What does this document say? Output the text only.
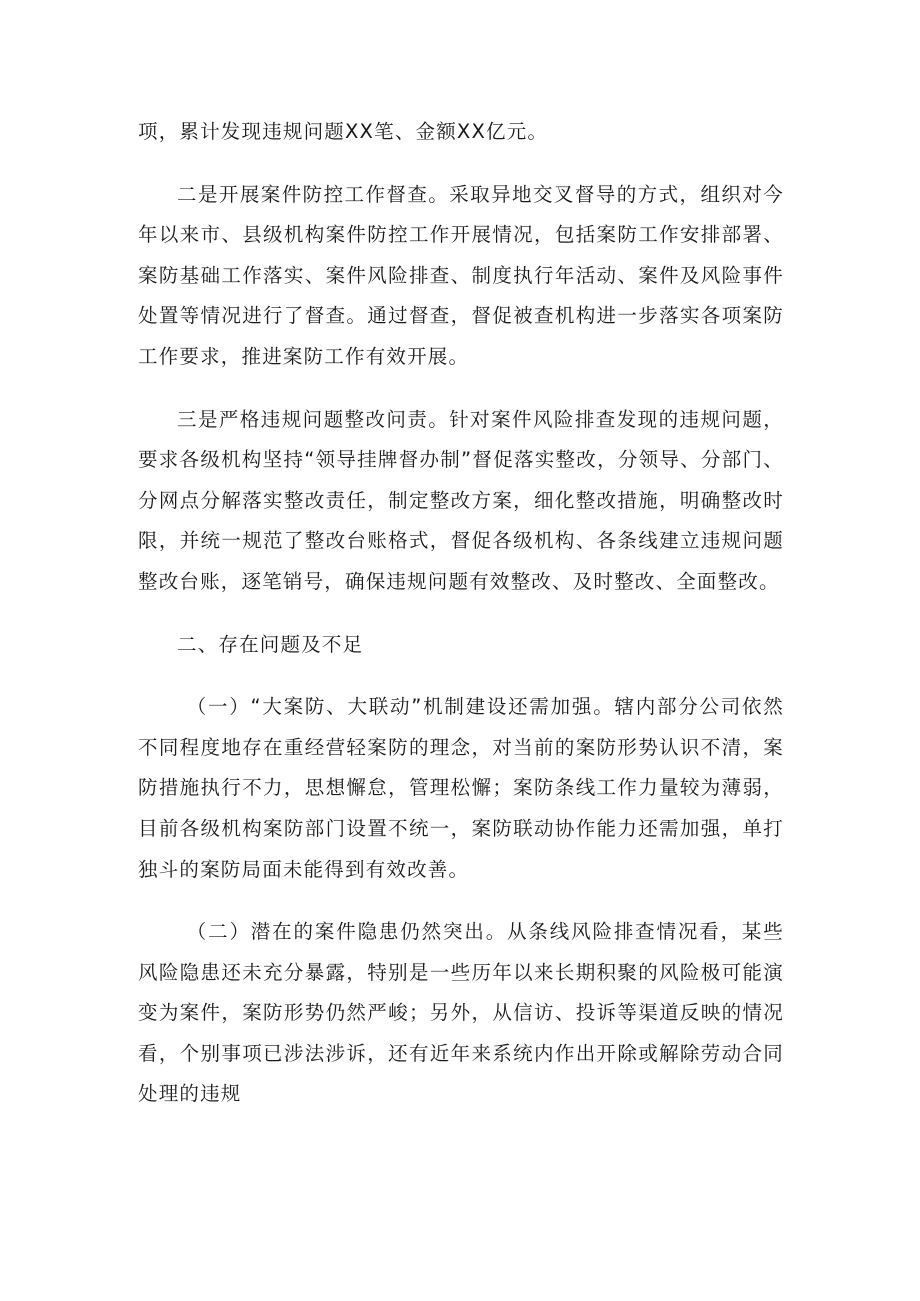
项，累计发现违规问题XX笔、金额XX亿元。

二是开展案件防控工作督查。采取异地交叉督导的方式，组织对今年以来市、县级机构案件防控工作开展情况，包括案防工作安排部署、案防基础工作落实、案件风险排查、制度执行年活动、案件及风险事件处置等情况进行了督查。通过督查，督促被查机构进一步落实各项案防工作要求，推进案防工作有效开展。

三是严格违规问题整改问责。针对案件风险排查发现的违规问题，要求各级机构坚持“领导挂牌督办制”督促落实整改，分领导、分部门、分网点分解落实整改责任，制定整改方案，细化整改措施，明确整改时限，并统一规范了整改台账格式，督促各级机构、各条线建立违规问题整改台账，逐笔销号，确保违规问题有效整改、及时整改、全面整改。

二、存在问题及不足

（一）“大案防、大联动”机制建设还需加强。辖内部分公司依然不同程度地存在重经营轻案防的理念，对当前的案防形势认识不清，案防措施执行不力，思想懈怠，管理松懈；案防条线工作力量较为薄弱，目前各级机构案防部门设置不统一，案防联动协作能力还需加强，单打独斗的案防局面未能得到有效改善。

（二）潜在的案件隐患仍然突出。从条线风险排查情况看，某些风险隐患还未充分暴露，特别是一些历年以来长期积聚的风险极可能演变为案件，案防形势仍然严峻；另外，从信访、投诉等渠道反映的情况看，个别事项已涉法涉诉，还有近年来系统内作出开除或解除劳动合同处理的违规
